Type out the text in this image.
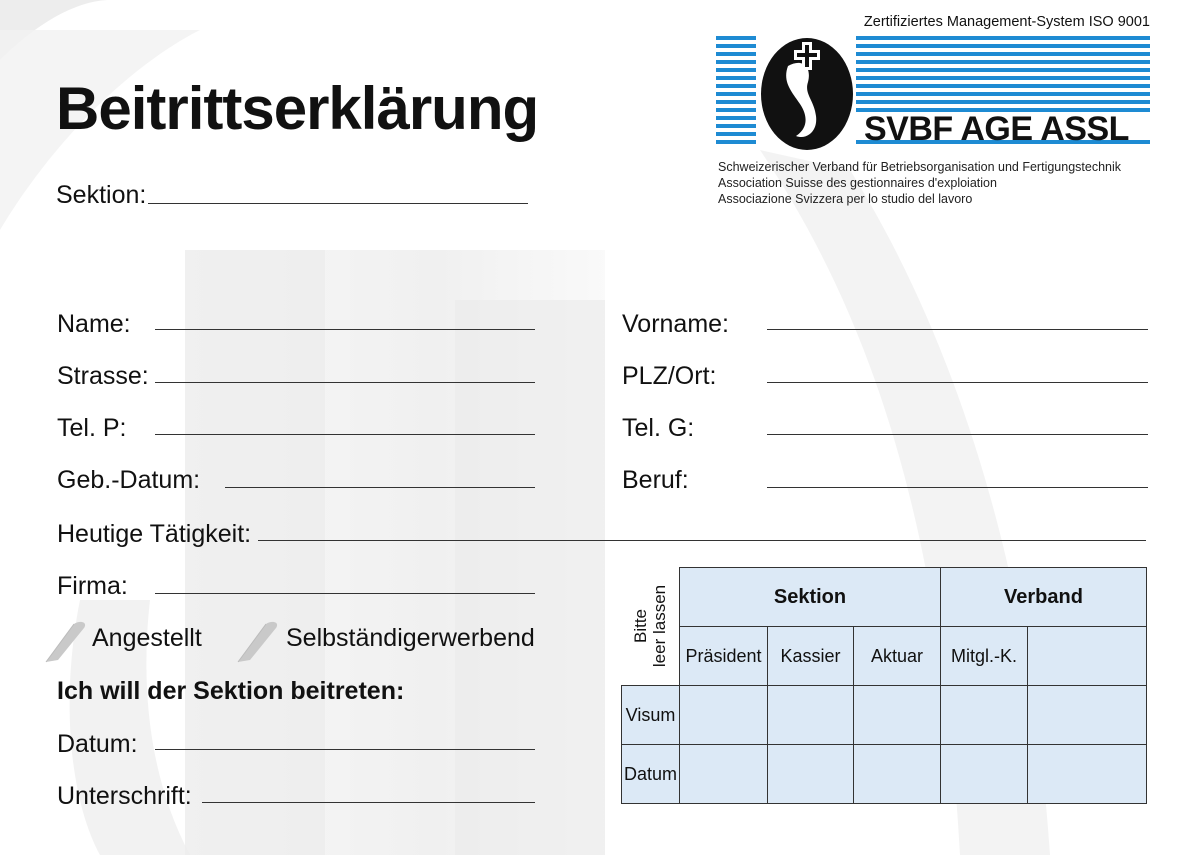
Beitrittserklärung
Zertifiziertes Management-System ISO 9001
SVBF AGE ASSL
Schweizerischer Verband für Betriebsorganisation und Fertigungstechnik
Association Suisse des gestionnaires d'exploiation
Associazione Svizzera per lo studio del lavoro
Sektion:
Name:
Strasse:
Tel. P:
Geb.-Datum:
Vorname:
PLZ/Ort:
Tel. G:
Beruf:
Heutige Tätigkeit:
Firma:
Angestellt	Selbständigerwerbend
Ich will der Sektion beitreten:
Datum:
Unterschrift:
Bitte
leer lassen	Sektion			Verband	
	Präsident	Kassier	Aktuar	Mitgl.-K.	
Visum					
Datum					
